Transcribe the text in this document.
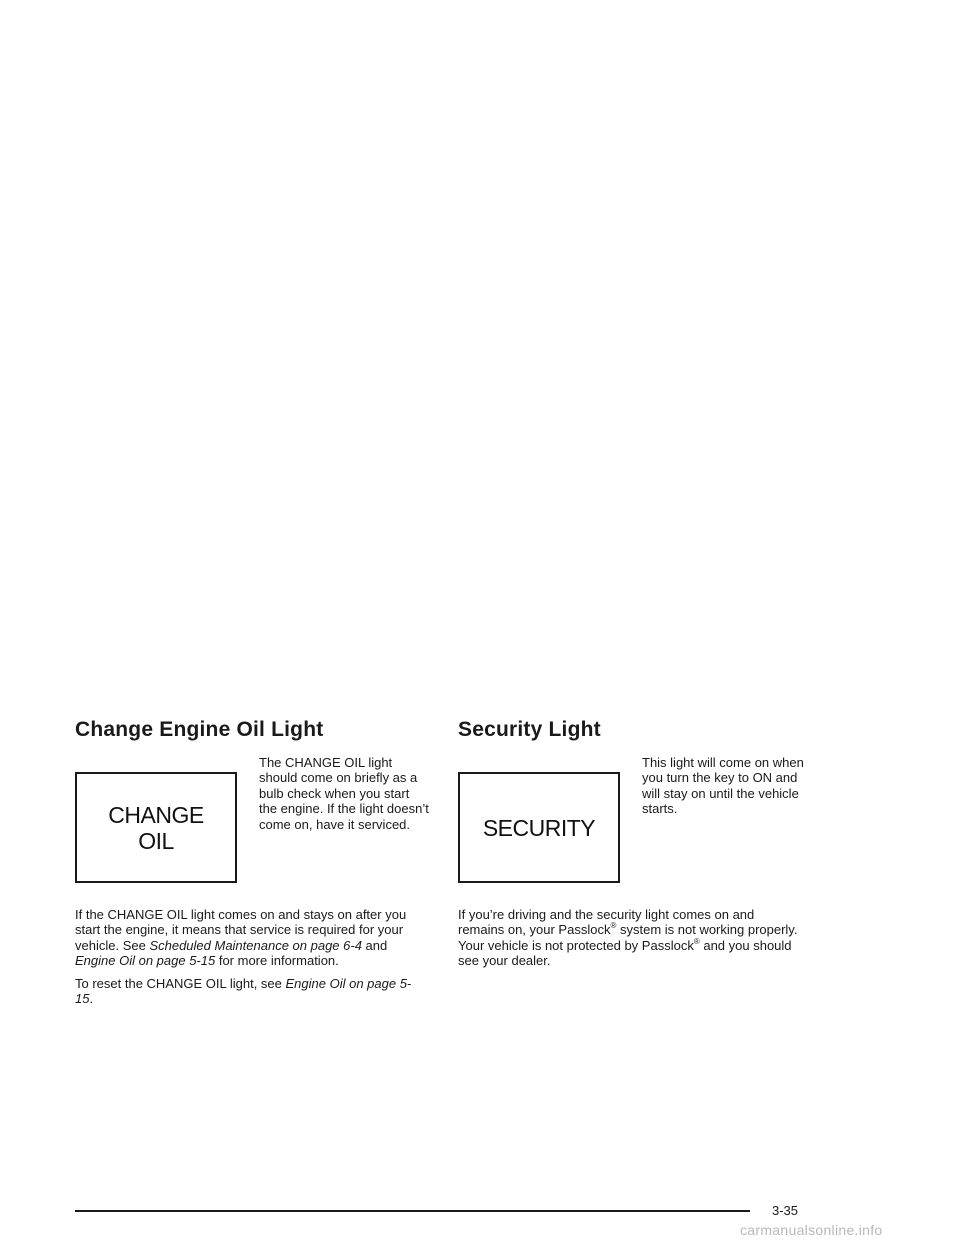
Change Engine Oil Light
CHANGE
OIL

The CHANGE OIL light should come on briefly as a bulb check when you start the engine. If the light doesn’t come on, have it serviced.

If the CHANGE OIL light comes on and stays on after you start the engine, it means that service is required for your vehicle. See Scheduled Maintenance on page 6-4 and Engine Oil on page 5-15 for more information.

To reset the CHANGE OIL light, see Engine Oil on page 5-15.

Security Light
SECURITY

This light will come on when you turn the key to ON and will stay on until the vehicle starts.

If you’re driving and the security light comes on and remains on, your Passlock® system is not working properly. Your vehicle is not protected by Passlock® and you should see your dealer.

3-35
carmanualsonline.info
